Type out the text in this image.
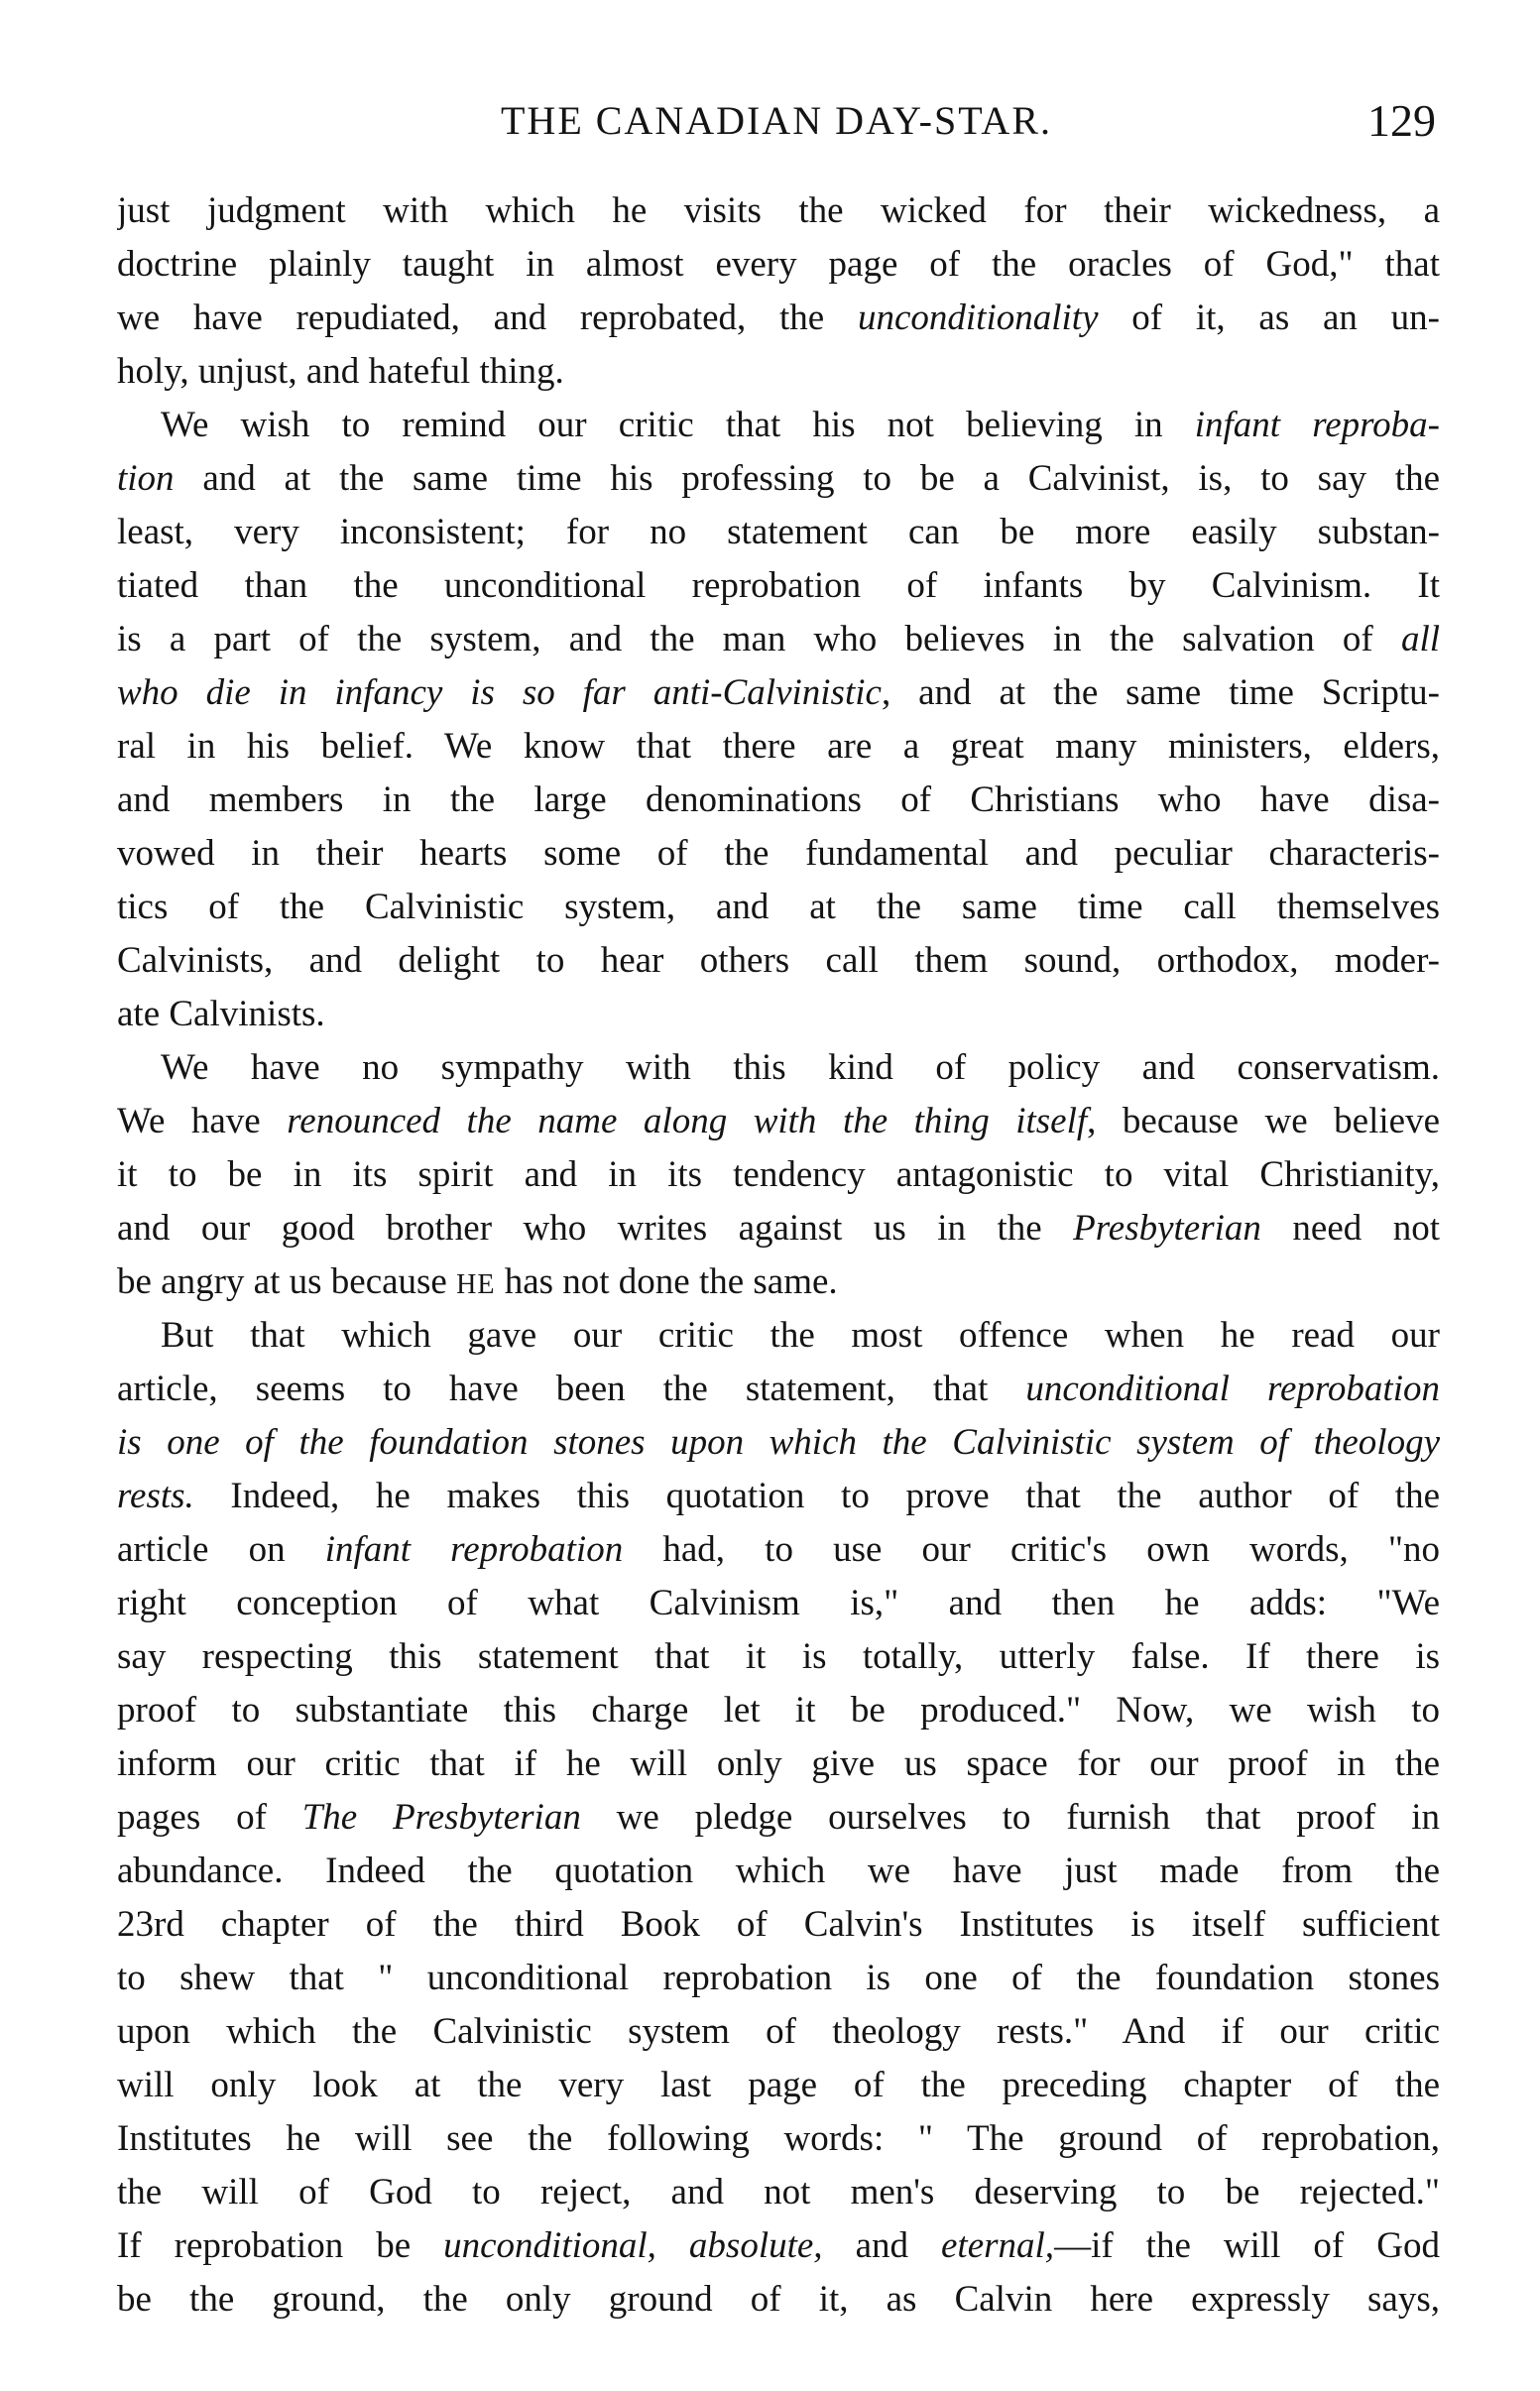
THE CANADIAN DAY-STAR.	129
just judgment with which he visits the wicked for their wickedness, a
doctrine plainly taught in almost every page of the oracles of God," that
we have repudiated, and reprobated, the unconditionality of it, as an un-
holy, unjust, and hateful thing.
We wish to remind our critic that his not believing in infant reproba-
tion and at the same time his professing to be a Calvinist, is, to say the
least, very inconsistent; for no statement can be more easily substan-
tiated than the unconditional reprobation of infants by Calvinism. It
is a part of the system, and the man who believes in the salvation of all
who die in infancy is so far anti-Calvinistic, and at the same time Scriptu-
ral in his belief. We know that there are a great many ministers, elders,
and members in the large denominations of Christians who have disa-
vowed in their hearts some of the fundamental and peculiar characteris-
tics of the Calvinistic system, and at the same time call themselves
Calvinists, and delight to hear others call them sound, orthodox, moder-
ate Calvinists.
We have no sympathy with this kind of policy and conservatism.
We have renounced the name along with the thing itself, because we believe
it to be in its spirit and in its tendency antagonistic to vital Christianity,
and our good brother who writes against us in the Presbyterian need not
be angry at us because HE has not done the same.
But that which gave our critic the most offence when he read our
article, seems to have been the statement, that unconditional reprobation
is one of the foundation stones upon which the Calvinistic system of theology
rests. Indeed, he makes this quotation to prove that the author of the
article on infant reprobation had, to use our critic's own words, "no
right conception of what Calvinism is," and then he adds: "We
say respecting this statement that it is totally, utterly false. If there is
proof to substantiate this charge let it be produced." Now, we wish to
inform our critic that if he will only give us space for our proof in the
pages of The Presbyterian we pledge ourselves to furnish that proof in
abundance. Indeed the quotation which we have just made from the
23rd chapter of the third Book of Calvin's Institutes is itself sufficient
to shew that " unconditional reprobation is one of the foundation stones
upon which the Calvinistic system of theology rests." And if our critic
will only look at the very last page of the preceding chapter of the
Institutes he will see the following words: " The ground of reprobation,
the will of God to reject, and not men's deserving to be rejected."
If reprobation be unconditional, absolute, and eternal,—if the will of God
be the ground, the only ground of it, as Calvin here expressly says,
